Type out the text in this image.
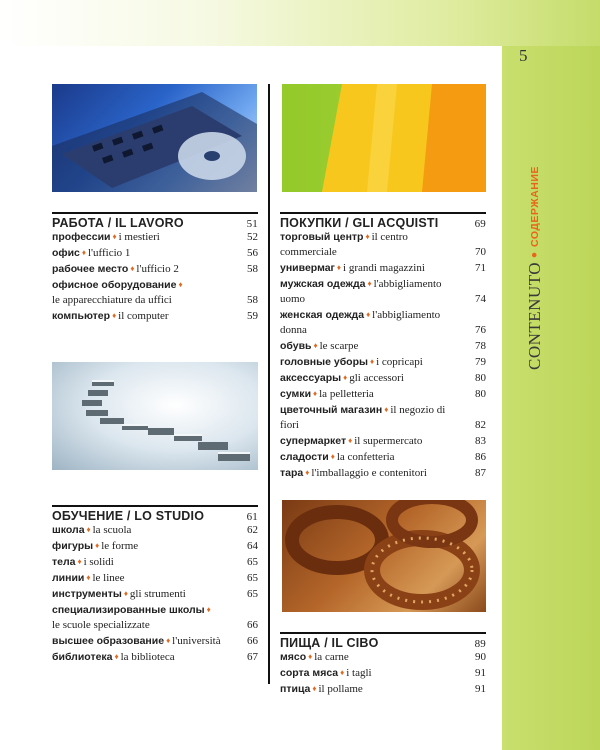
5
CONTENUTO
•
СОДЕРЖАНИЕ
РАБОТА / IL LAVORO	51
профессии ♦ i mestieri	52
офис ♦ l'ufficio 1	56
рабочее место ♦ l'ufficio 2	58
офисное оборудование ♦
le apparecchiature da uffici	58
компьютер ♦ il computer	59
ОБУЧЕНИЕ / LO STUDIO	61
школа ♦ la scuola	62
фигуры ♦ le forme	64
тела ♦ i solidi	65
линии ♦ le linee	65
инструменты ♦ gli strumenti	65
специализированные школы ♦
le scuole specializzate	66
высшее образование ♦ l'università	66
библиотека ♦ la biblioteca	67
ПОКУПКИ / GLI ACQUISTI	69
торговый центр ♦ il centro commerciale	70
универмаг ♦ i grandi magazzini	71
мужская одежда ♦ l'abbigliamento uomo	74
женская одежда ♦ l'abbigliamento donna	76
обувь ♦ le scarpe	78
головные уборы ♦ i copricapi	79
аксессуары ♦ gli accessori	80
сумки ♦ la pelletteria	80
цветочный магазин ♦ il negozio di fiori	82
супермаркет ♦ il supermercato	83
сладости ♦ la confetteria	86
тара ♦ l'imballaggio e contenitori	87
ПИЩА / IL CIBO	89
мясо ♦ la carne	90
сорта мяса ♦ i tagli	91
птица ♦ il pollame	91
